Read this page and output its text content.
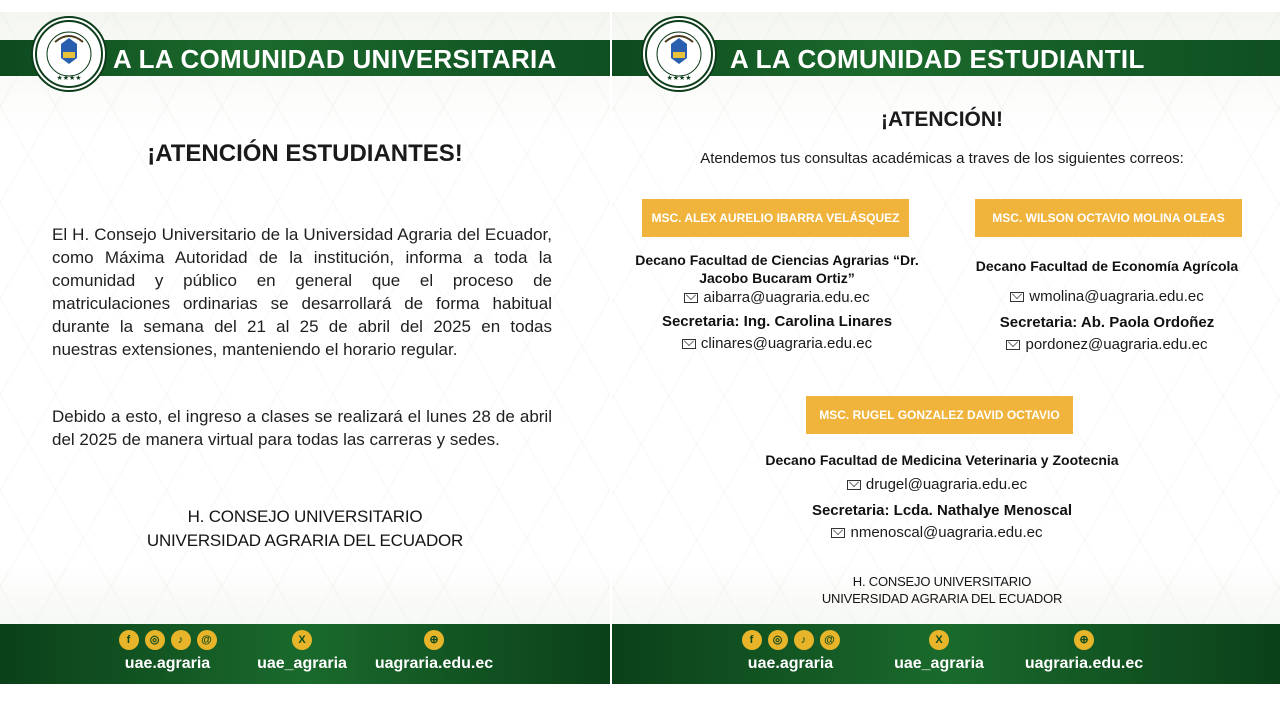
★★★★
A LA COMUNIDAD UNIVERSITARIA
¡ATENCIÓN ESTUDIANTES!
El H. Consejo Universitario de la Universidad Agraria del Ecuador, como Máxima Autoridad de la institución, informa a toda la comunidad y público en general que el proceso de matriculaciones ordinarias se desarrollará de forma habitual durante la semana del 21 al 25 de abril del 2025 en todas nuestras extensiones, manteniendo el horario regular.
Debido a esto, el ingreso a clases se realizará el lunes 28 de abril del 2025 de manera virtual para todas las carreras y sedes.
H. CONSEJO UNIVERSITARIO
UNIVERSIDAD AGRARIA DEL ECUADOR
f	◎	♪	@
uae.agraria
X
uae_agraria
⊕
uagraria.edu.ec
★★★★
A LA COMUNIDAD ESTUDIANTIL
¡ATENCIÓN!
Atendemos tus consultas académicas a traves de los siguientes correos:
MSC. ALEX AURELIO IBARRA VELÁSQUEZ
Decano Facultad de Ciencias Agrarias “Dr. Jacobo Bucaram Ortiz”
aibarra@uagraria.edu.ec
Secretaria: Ing. Carolina Linares
clinares@uagraria.edu.ec
MSC. WILSON OCTAVIO MOLINA OLEAS
Decano Facultad de Economía Agrícola
wmolina@uagraria.edu.ec
Secretaria: Ab. Paola Ordoñez
pordonez@uagraria.edu.ec
MSC. RUGEL GONZALEZ DAVID OCTAVIO
Decano Facultad de Medicina Veterinaria y Zootecnia
drugel@uagraria.edu.ec
Secretaria: Lcda. Nathalye Menoscal
nmenoscal@uagraria.edu.ec
H. CONSEJO UNIVERSITARIO
UNIVERSIDAD AGRARIA DEL ECUADOR
f	◎	♪	@
uae.agraria
X
uae_agraria
⊕
uagraria.edu.ec
